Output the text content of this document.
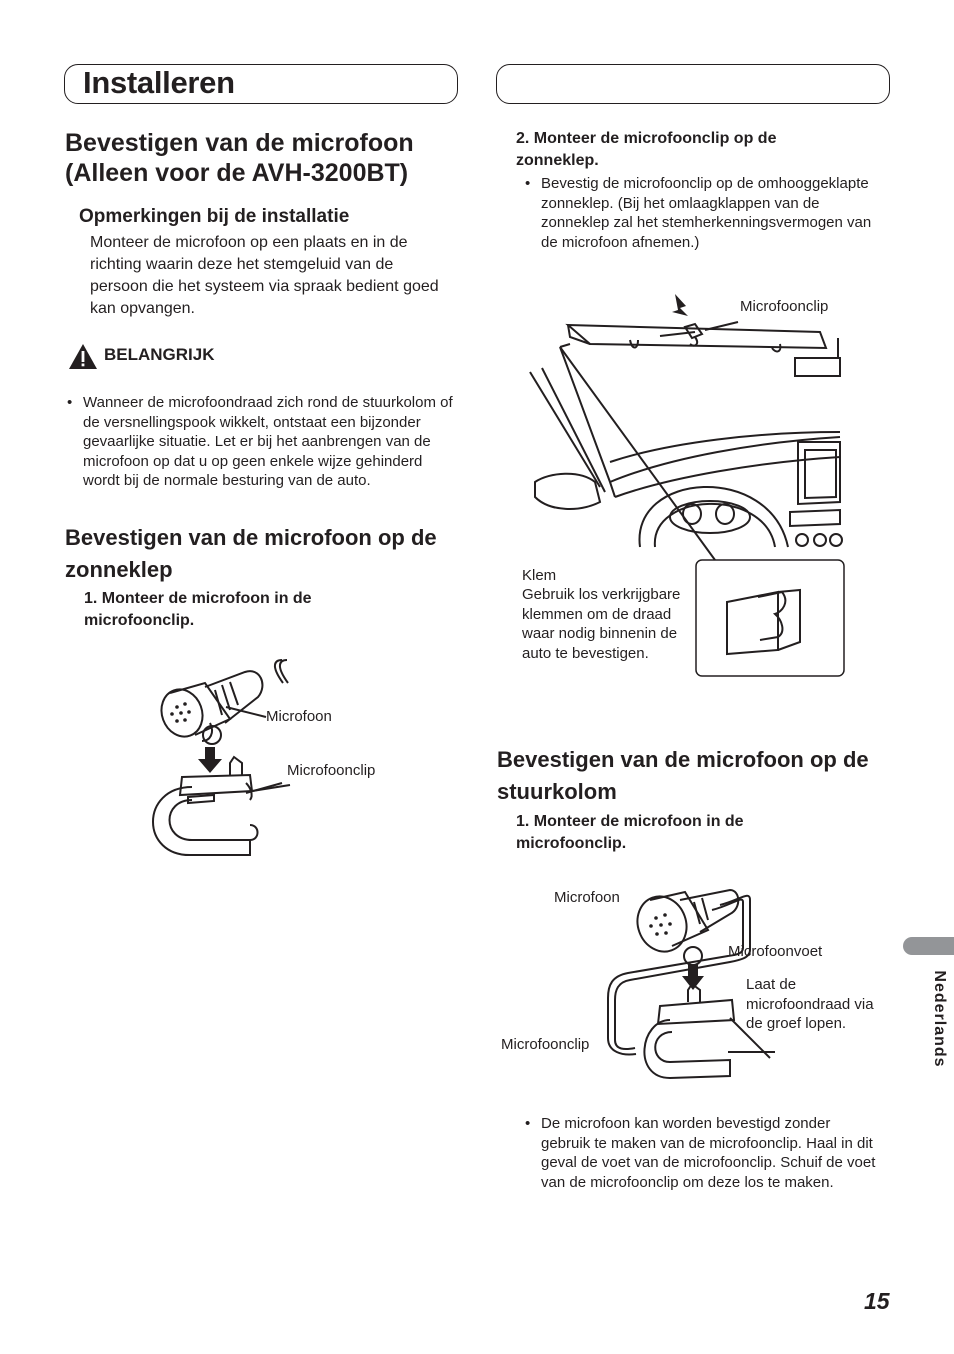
Installeren
Bevestigen van de microfoon (Alleen voor de AVH-3200BT)
Opmerkingen bij de installatie
Monteer de microfoon op een plaats en in de richting waarin deze het stemgeluid van de persoon die het systeem via spraak bedient goed kan opvangen.
BELANGRIJK
• Wanneer de microfoondraad zich rond de stuurkolom of de versnellingspook wikkelt, ontstaat een bijzonder gevaarlijke situatie. Let er bij het aanbrengen van de microfoon op dat u op geen enkele wijze gehinderd wordt bij de normale besturing van de auto.
Bevestigen van de microfoon op de zonneklep
1. Monteer de microfoon in de microfoonclip.
Microfoon
Microfoonclip
2. Monteer de microfoonclip op de zonneklep.
• Bevestig de microfoonclip op de omhooggeklapte zonneklep. (Bij het omlaagklappen van de zonneklep zal het stemherkenningsvermogen van de microfoon afnemen.)
Microfoonclip
Klem
Gebruik los verkrijgbare klemmen om de draad waar nodig binnenin de auto te bevestigen.
Bevestigen van de microfoon op de stuurkolom
1. Monteer de microfoon in de microfoonclip.
Microfoon
Microfoonvoet
Laat de microfoondraad via de groef lopen.
Microfoonclip
• De microfoon kan worden bevestigd zonder gebruik te maken van de microfoonclip. Haal in dit geval de voet van de microfoonclip. Schuif de voet van de microfoonclip om deze los te maken.
Nederlands
15
